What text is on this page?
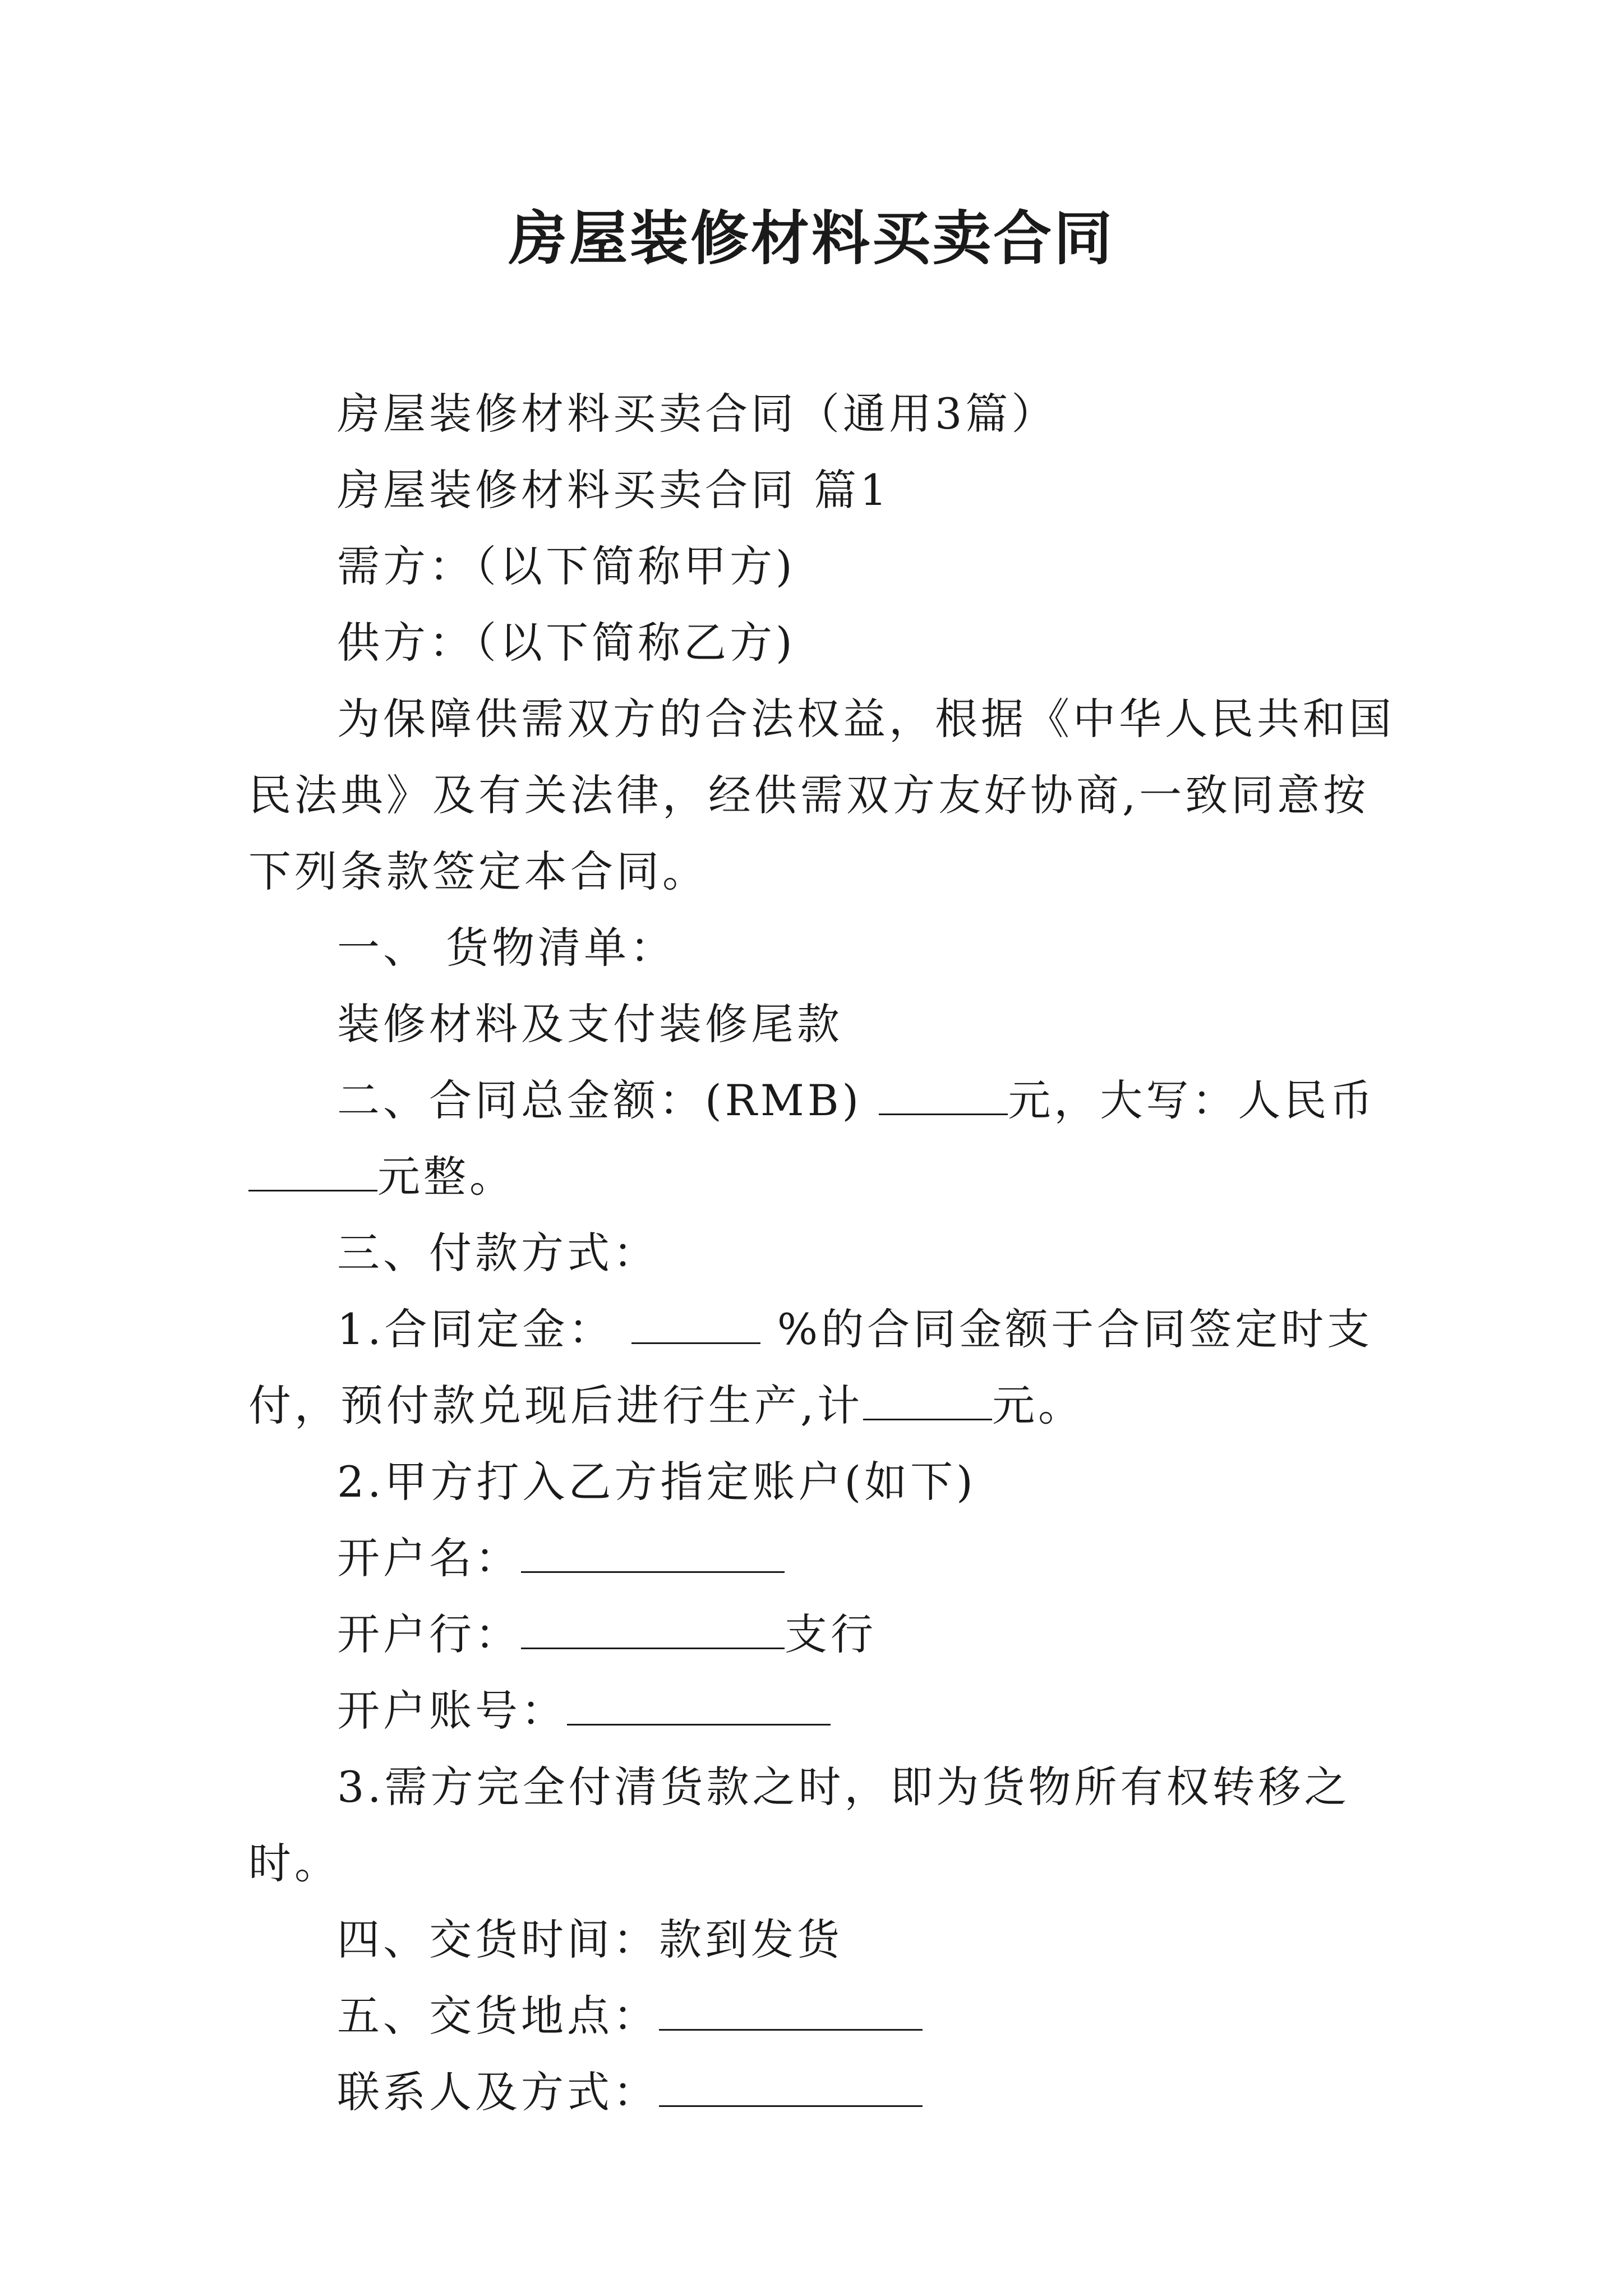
房屋装修材料买卖合同

房屋装修材料买卖合同（通用3篇）

房屋装修材料买卖合同 篇1

需方：（以下简称甲方)

供方：（以下简称乙方)

为保障供需双方的合法权益，根据《中华人民共和国民法典》及有关法律，经供需双方友好协商,一致同意按下列条款签定本合同。

一、 货物清单：

装修材料及支付装修尾款

二、合同总金额：(RMB)	元，大写：人民币元整。

三、付款方式：

1.合同定金：	%的合同金额于合同签定时支付，预付款兑现后进行生产,计	元。

2.甲方打入乙方指定账户(如下)

开户名：

开户行：	支行

开户账号：

3.需方完全付清货款之时，即为货物所有权转移之时。

四、交货时间：款到发货

五、交货地点：

联系人及方式：
